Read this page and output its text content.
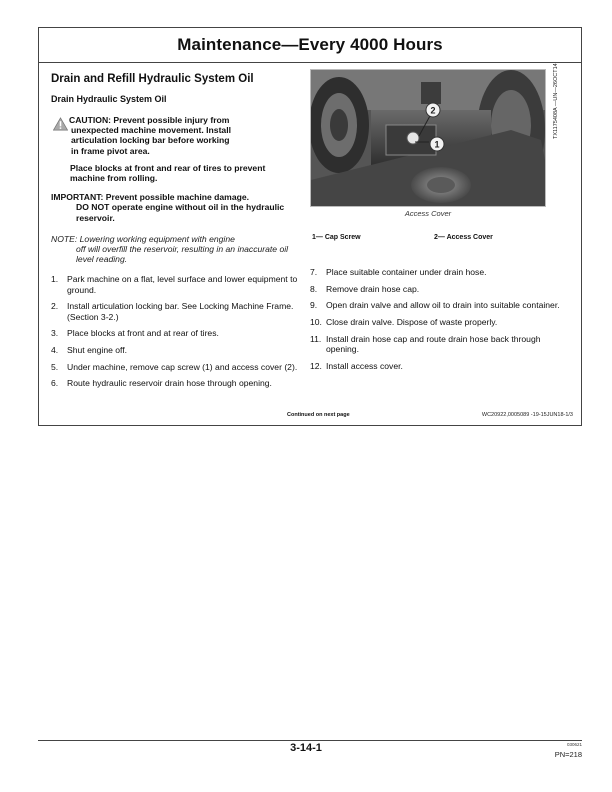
Maintenance—Every 4000 Hours
Drain and Refill Hydraulic System Oil
Drain Hydraulic System Oil

CAUTION: Prevent possible injury from

unexpected machine movement. Install

articulation locking bar before working

in frame pivot area.

Place blocks at front and rear of tires to prevent machine from rolling.
IMPORTANT: Prevent possible machine damage.
DO NOT operate engine without oil in the hydraulic reservoir.
NOTE: Lowering working equipment with engine
off will overfill the reservoir, resulting in an inaccurate oil level reading.
1. Park machine on a flat, level surface and lower equipment to ground.
2. Install articulation locking bar. See Locking Machine Frame. (Section 3-2.)
3. Place blocks at front and at rear of tires.
4. Shut engine off.
5. Under machine, remove cap screw (1) and access cover (2).
6. Route hydraulic reservoir drain hose through opening.
2
1
TX1175408A —UN—26OCT14
Access Cover
1— Cap Screw	2— Access Cover
7. Place suitable container under drain hose.
8. Remove drain hose cap.
9. Open drain valve and allow oil to drain into suitable container.
10. Close drain valve. Dispose of waste properly.
11. Install drain hose cap and route drain hose back through opening.
12. Install access cover.
Continued on next page	WC20922,0005089 -19-15JUN18-1/3
3-14-1	030621
PN=218
